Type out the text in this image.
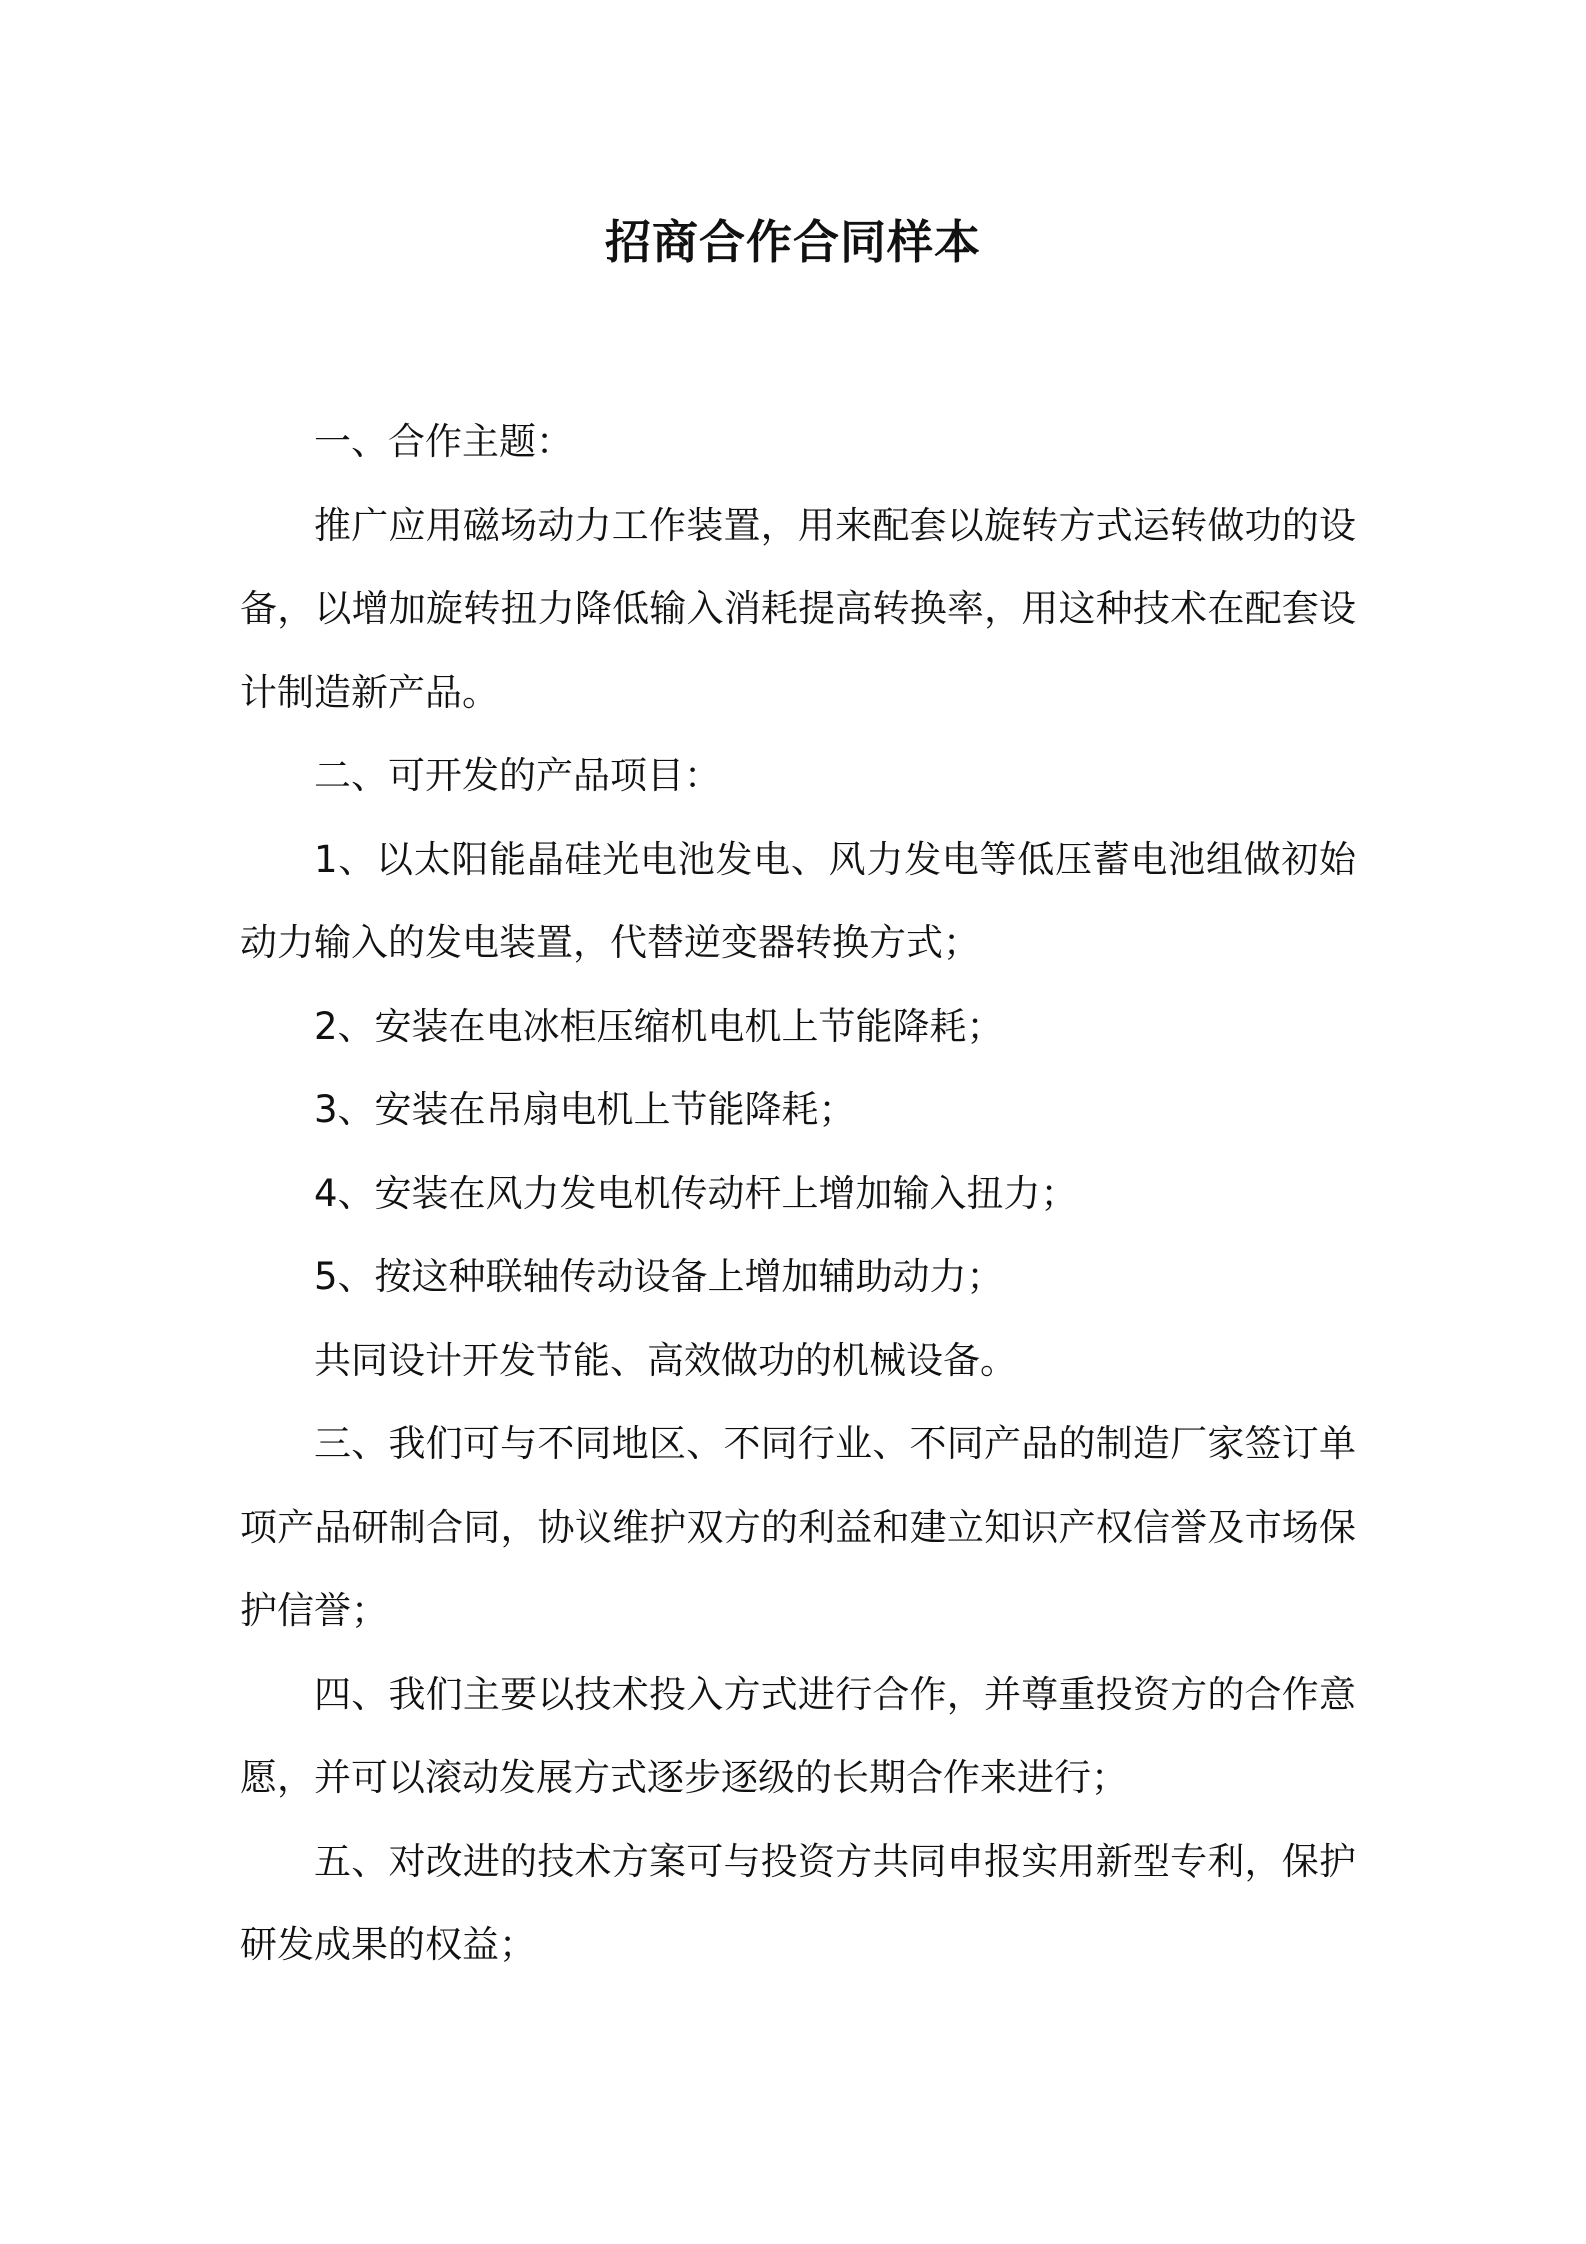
招商合作合同样本

一、合作主题：

推广应用磁场动力工作装置，用来配套以旋转方式运转做功的设备，以增加旋转扭力降低输入消耗提高转换率，用这种技术在配套设计制造新产品。

二、可开发的产品项目：

1、以太阳能晶硅光电池发电、风力发电等低压蓄电池组做初始动力输入的发电装置，代替逆变器转换方式；

2、安装在电冰柜压缩机电机上节能降耗；

3、安装在吊扇电机上节能降耗；

4、安装在风力发电机传动杆上增加输入扭力；

5、按这种联轴传动设备上增加辅助动力；

共同设计开发节能、高效做功的机械设备。

三、我们可与不同地区、不同行业、不同产品的制造厂家签订单项产品研制合同，协议维护双方的利益和建立知识产权信誉及市场保护信誉；

四、我们主要以技术投入方式进行合作，并尊重投资方的合作意愿，并可以滚动发展方式逐步逐级的长期合作来进行；

五、对改进的技术方案可与投资方共同申报实用新型专利，保护研发成果的权益；
